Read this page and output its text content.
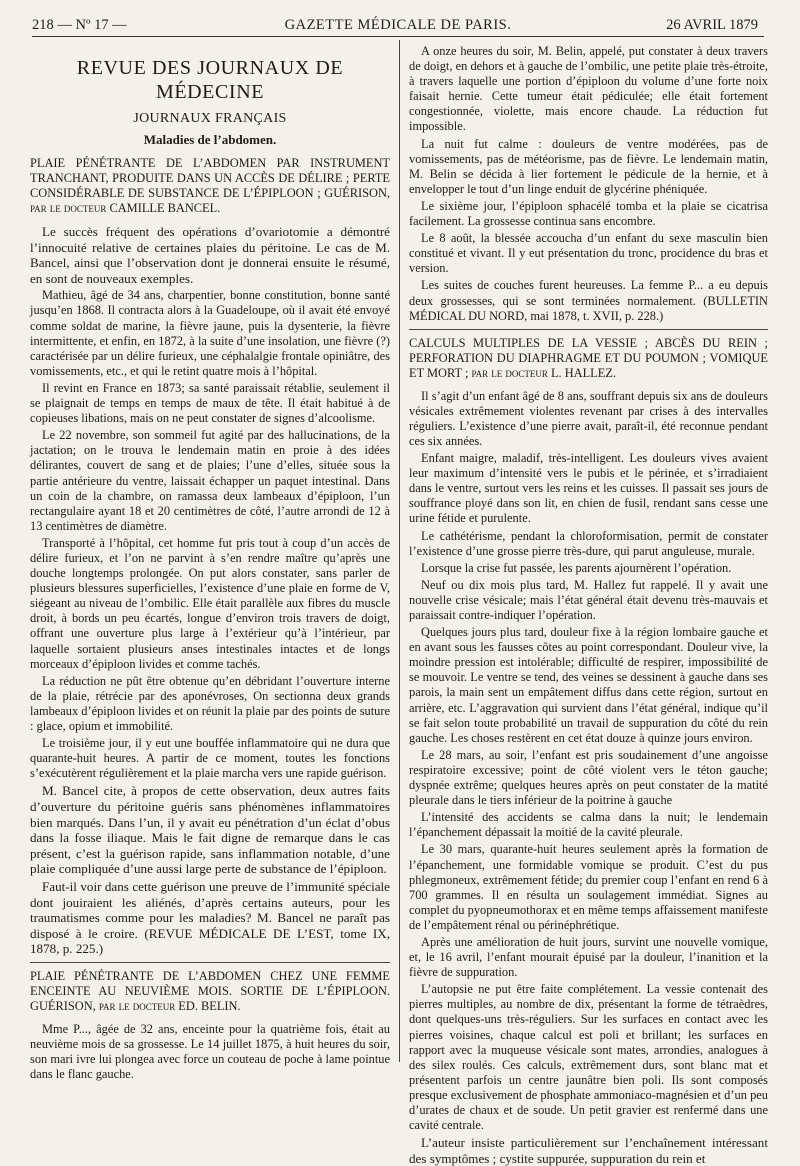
218 — Nº 17 —	GAZETTE MÉDICALE DE PARIS.	26 AVRIL 1879
REVUE DES JOURNAUX DE MÉDECINE
JOURNAUX FRANÇAIS
Maladies de l’abdomen.
PLAIE PÉNÉTRANTE DE L’ABDOMEN PAR INSTRUMENT TRANCHANT, PRODUITE DANS UN ACCÈS DE DÉLIRE ; PERTE CONSIDÉRABLE DE SUBSTANCE DE L’ÉPIPLOON ; GUÉRISON, par le docteur CAMILLE BANCEL.

Le succès fréquent des opérations d’ovariotomie a démontré l’innocuité relative de certaines plaies du péritoine. Le cas de M. Bancel, ainsi que l’observation dont je donnerai ensuite le résumé, en sont de nouveaux exemples.

Mathieu, âgé de 34 ans, charpentier, bonne constitution, bonne santé jusqu’en 1868. Il contracta alors à la Guadeloupe, où il avait été envoyé comme soldat de marine, la fièvre jaune, puis la dysenterie, la fièvre intermittente, et enfin, en 1872, à la suite d’une insolation, une fièvre (?) caractérisée par un délire furieux, une céphalalgie frontale opiniâtre, des vomissements, etc., et qui le retint quatre mois à l’hôpital.

Il revint en France en 1873; sa santé paraissait rétablie, seulement il se plaignait de temps en temps de maux de tête. Il était habitué à de copieuses libations, mais on ne peut constater de signes d’alcoolisme.

Le 22 novembre, son sommeil fut agité par des hallucinations, de la jactation; on le trouva le lendemain matin en proie à des idées délirantes, couvert de sang et de plaies; l’une d’elles, située sous la partie antérieure du ventre, laissait échapper un paquet intestinal. Dans un coin de la chambre, on ramassa deux lambeaux d’épiploon, l’un rectangulaire ayant 18 et 20 centimètres de côté, l’autre arrondi de 12 à 13 centimètres de diamètre.

Transporté à l’hôpital, cet homme fut pris tout à coup d’un accès de délire furieux, et l’on ne parvint à s’en rendre maître qu’après une douche longtemps prolongée. On put alors constater, sans parler de plusieurs blessures superficielles, l’existence d’une plaie en forme de V, siégeant au niveau de l’ombilic. Elle était parallèle aux fibres du muscle droit, à bords un peu écartés, longue d’environ trois travers de doigt, offrant une ouverture plus large à l’extérieur qu’à l’intérieur, par laquelle sortaient plusieurs anses intestinales intactes et de longs morceaux d’épiploon livides et comme tachés.

La réduction ne pût être obtenue qu’en débridant l’ouverture interne de la plaie, rétrécie par des aponévroses, On sectionna deux grands lambeaux d’épiploon livides et on réunit la plaie par des points de suture : glace, opium et immobilité.

Le troisième jour, il y eut une bouffée inflammatoire qui ne dura que quarante-huit heures. A partir de ce moment, toutes les fonctions s’exécutèrent régulièrement et la plaie marcha vers une rapide guérison.

M. Bancel cite, à propos de cette observation, deux autres faits d’ouverture du péritoine guéris sans phénomènes inflammatoires bien marqués. Dans l’un, il y avait eu pénétration d’un éclat d’obus dans la fosse iliaque. Mais le fait digne de remarque dans le cas présent, c’est la guérison rapide, sans inflammation notable, d’une plaie compliquée d’une aussi large perte de substance de l’épiploon.

Faut-il voir dans cette guérison une preuve de l’immunité spéciale dont jouiraient les aliénés, d’après certains auteurs, pour les traumatismes comme pour les maladies? M. Bancel ne paraît pas disposé à le croire. (REVUE MÉDICALE DE L’EST, tome IX, 1878, p. 225.)

PLAIE PÉNÉTRANTE DE L’ABDOMEN CHEZ UNE FEMME ENCEINTE AU NEUVIÈME MOIS. SORTIE DE L’ÉPIPLOON. GUÉRISON, par le docteur ED. BELIN.

Mme P..., âgée de 32 ans, enceinte pour la quatrième fois, était au neuvième mois de sa grossesse. Le 14 juillet 1875, à huit heures du soir, son mari ivre lui plongea avec force un couteau de poche à lame pointue dans le flanc gauche.

A onze heures du soir, M. Belin, appelé, put constater à deux travers de doigt, en dehors et à gauche de l’ombilic, une petite plaie très-étroite, à travers laquelle une portion d’épiploon du volume d’une forte noix faisait hernie. Cette tumeur était pédiculée; elle était fortement congestionnée, violette, mais encore chaude. La réduction fut impossible.

La nuit fut calme : douleurs de ventre modérées, pas de vomissements, pas de météorisme, pas de fièvre. Le lendemain matin, M. Belin se décida à lier fortement le pédicule de la hernie, et à envelopper le tout d’un linge enduit de glycérine phéniquée.

Le sixième jour, l’épiploon sphacélé tomba et la plaie se cicatrisa facilement. La grossesse continua sans encombre.

Le 8 août, la blessée accoucha d’un enfant du sexe masculin bien constitué et vivant. Il y eut présentation du tronc, procidence du bras et version.

Les suites de couches furent heureuses. La femme P... a eu depuis deux grossesses, qui se sont terminées normalement. (BULLETIN MÉDICAL DU NORD, mai 1878, t. XVII, p. 228.)

CALCULS MULTIPLES DE LA VESSIE ; ABCÈS DU REIN ; PERFORATION DU DIAPHRAGME ET DU POUMON ; VOMIQUE ET MORT ; par le docteur L. HALLEZ.

Il s’agit d’un enfant âgé de 8 ans, souffrant depuis six ans de douleurs vésicales extrêmement violentes revenant par crises à des intervalles réguliers. L’existence d’une pierre avait, paraît-il, été reconnue pendant ces six années.

Enfant maigre, maladif, très-intelligent. Les douleurs vives avaient leur maximum d’intensité vers le pubis et le périnée, et s’irradiaient dans le ventre, surtout vers les reins et les cuisses. Il passait ses jours de souffrance ployé dans son lit, en chien de fusil, rendant sans cesse une urine fétide et purulente.

Le cathétérisme, pendant la chloroformisation, permit de constater l’existence d’une grosse pierre très-dure, qui parut anguleuse, murale.

Lorsque la crise fut passée, les parents ajournèrent l’opération.

Neuf ou dix mois plus tard, M. Hallez fut rappelé. Il y avait une nouvelle crise vésicale; mais l’état général était devenu très-mauvais et paraissait contre-indiquer l’opération.

Quelques jours plus tard, douleur fixe à la région lombaire gauche et en avant sous les fausses côtes au point correspondant. Douleur vive, la moindre pression est intolérable; difficulté de respirer, impossibilité de se mouvoir. Le ventre se tend, des veines se dessinent à gauche dans ses parois, la main sent un empâtement diffus dans cette région, surtout en arrière, etc. L’aggravation qui survient dans l’état général, indique qu’il se fait selon toute probabilité un travail de suppuration du côté du rein gauche. Les choses restèrent en cet état douze à quinze jours environ.

Le 28 mars, au soir, l’enfant est pris soudainement d’une angoisse respiratoire excessive; point de côté violent vers le téton gauche; dyspnée extrême; quelques heures après on peut constater de la matité pleurale dans le tiers inférieur de la poitrine à gauche

L’intensité des accidents se calma dans la nuit; le lendemain l’épanchement dépassait la moitié de la cavité pleurale.

Le 30 mars, quarante-huit heures seulement après la formation de l’épanchement, une formidable vomique se produit. C’est du pus phlegmoneux, extrêmement fétide; du premier coup l’enfant en rend 6 à 700 grammes. Il en résulta un soulagement immédiat. Signes au complet du pyopneumothorax et en même temps affaissement manifeste de l’empâtement rénal ou périnéphrétique.

Après une amélioration de huit jours, survint une nouvelle vomique, et, le 16 avril, l’enfant mourait épuisé par la douleur, l’inanition et la fièvre de suppuration.

L’autopsie ne put être faite complétement. La vessie contenait des pierres multiples, au nombre de dix, présentant la forme de tétraèdres, dont quelques-uns très-réguliers. Sur les surfaces en contact avec les pierres voisines, chaque calcul est poli et brillant; les surfaces en rapport avec la muqueuse vésicale sont mates, arrondies, analogues à des silex roulés. Ces calculs, extrêmement durs, sont blanc mat et présentent parfois un centre jaunâtre bien poli. Ils sont composés presque exclusivement de phosphate ammoniaco-magnésien et d’un peu d’urates de chaux et de soude. Un petit gravier est renfermé dans une cavité centrale.

L’auteur insiste particulièrement sur l’enchaînement intéressant des symptômes ; cystite suppurée, suppuration du rein et
